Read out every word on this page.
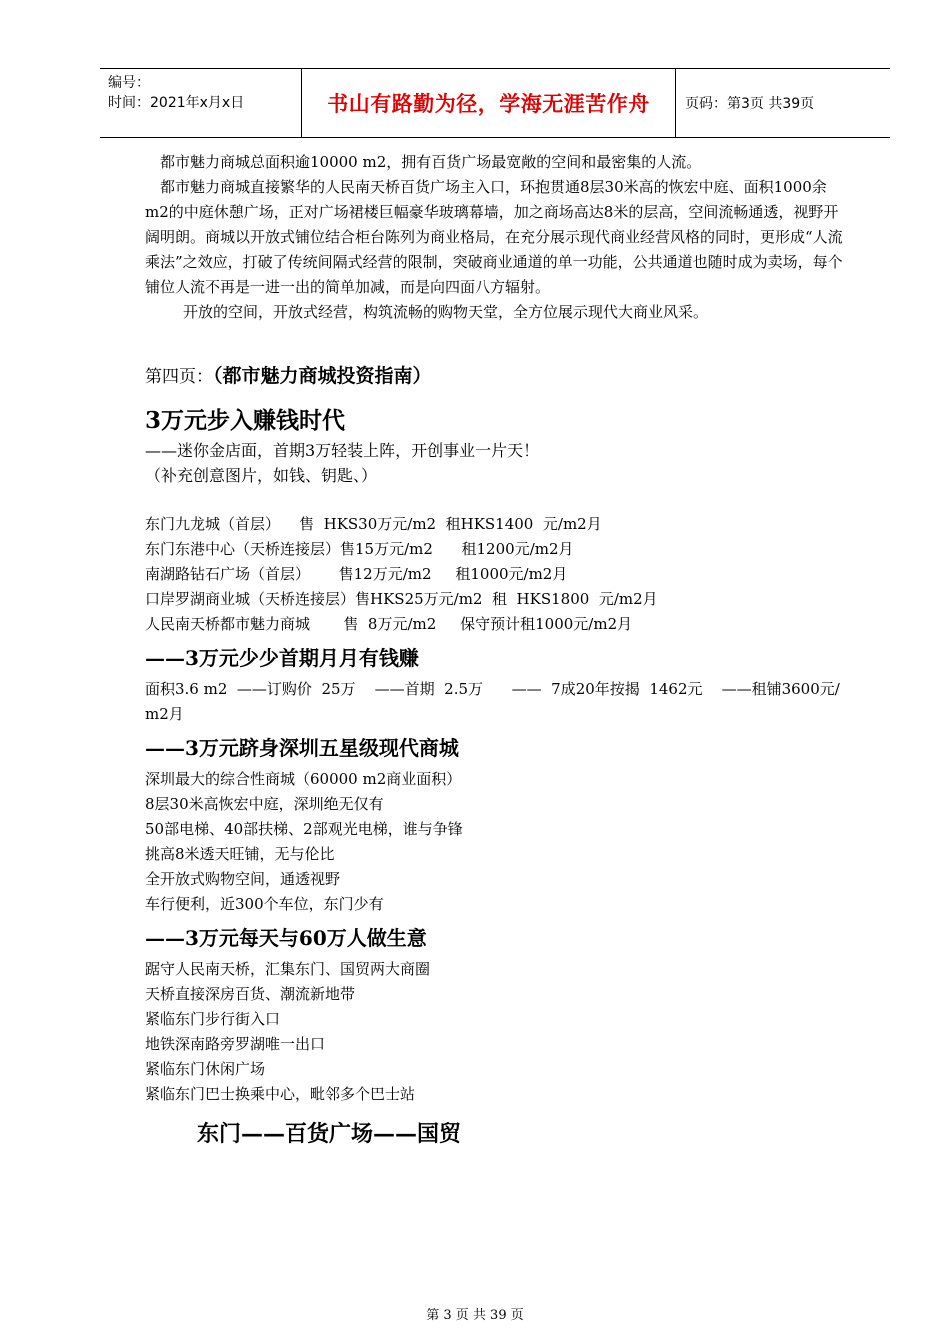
编号：
时间：2021年x月x日	书山有路勤为径，学海无涯苦作舟	页码：第3页 共39页

都市魅力商城总面积逾10000 m2，拥有百货广场最宽敞的空间和最密集的人流。

都市魅力商城直接繁华的人民南天桥百货广场主入口，环抱贯通8层30米高的恢宏中庭、面积1000余m2的中庭休憩广场，正对广场裙楼巨幅豪华玻璃幕墙，加之商场高达8米的层高，空间流畅通透，视野开阔明朗。商城以开放式铺位结合柜台陈列为商业格局，在充分展示现代商业经营风格的同时，更形成“人流乘法”之效应，打破了传统间隔式经营的限制，突破商业通道的单一功能，公共通道也随时成为卖场，每个铺位人流不再是一进一出的简单加减，而是向四面八方辐射。

开放的空间，开放式经营，构筑流畅的购物天堂，全方位展示现代大商业风采。

第四页：（都市魅力商城投资指南）

3万元步入赚钱时代

——迷你金店面，首期3万轻装上阵，开创事业一片天！

（补充创意图片，如钱、钥匙、）

东门九龙城（首层）    售  HKS30万元/m2  租HKS1400  元/m2月

东门东港中心（天桥连接层）售15万元/m2      租1200元/m2月

南湖路钻石广场（首层）      售12万元/m2     租1000元/m2月

口岸罗湖商业城（天桥连接层）售HKS25万元/m2  租  HKS1800  元/m2月

人民南天桥都市魅力商城       售  8万元/m2     保守预计租1000元/m2月

——3万元少少首期月月有钱赚

面积3.6 m2  ——订购价  25万    ——首期  2.5万      ——  7成20年按揭  1462元    ——租铺3600元/ m2月

——3万元跻身深圳五星级现代商城

深圳最大的综合性商城（60000 m2商业面积）

8层30米高恢宏中庭，深圳绝无仅有

50部电梯、40部扶梯、2部观光电梯，谁与争锋

挑高8米透天旺铺，无与伦比

全开放式购物空间，通透视野

车行便利，近300个车位，东门少有

——3万元每天与60万人做生意

踞守人民南天桥，汇集东门、国贸两大商圈

天桥直接深房百货、潮流新地带

紧临东门步行街入口

地铁深南路旁罗湖唯一出口

紧临东门休闲广场

紧临东门巴士换乘中心，毗邻多个巴士站

东门——百货广场——国贸

第 3 页 共 39 页
